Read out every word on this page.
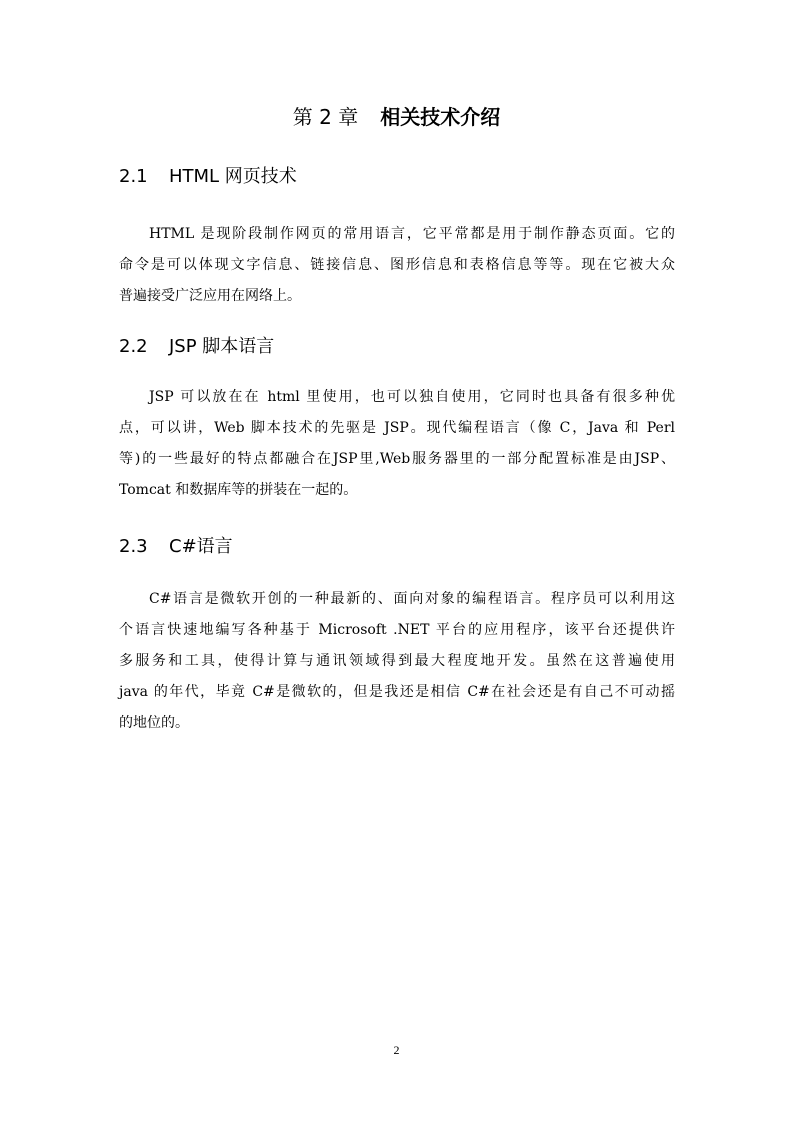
第 2 章 相关技术介绍
2.1 HTML 网页技术
HTML 是现阶段制作网页的常用语言，它平常都是用于制作静态页面。它的
命令是可以体现文字信息、链接信息、图形信息和表格信息等等。现在它被大众
普遍接受广泛应用在网络上。
2.2 JSP 脚本语言
JSP 可以放在在 html 里使用，也可以独自使用，它同时也具备有很多种优
点，可以讲，Web 脚本技术的先驱是 JSP。现代编程语言（像 C，Java 和 Perl
等)的一些最好的特点都融合在JSP里,Web服务器里的一部分配置标准是由JSP、
Tomcat 和数据库等的拼装在一起的。
2.3 C#语言
C#语言是微软开创的一种最新的、面向对象的编程语言。程序员可以利用这
个语言快速地编写各种基于 Microsoft .NET 平台的应用程序，该平台还提供许
多服务和工具，使得计算与通讯领域得到最大程度地开发。虽然在这普遍使用
java 的年代，毕竟 C#是微软的，但是我还是相信 C#在社会还是有自己不可动摇
的地位的。
2
